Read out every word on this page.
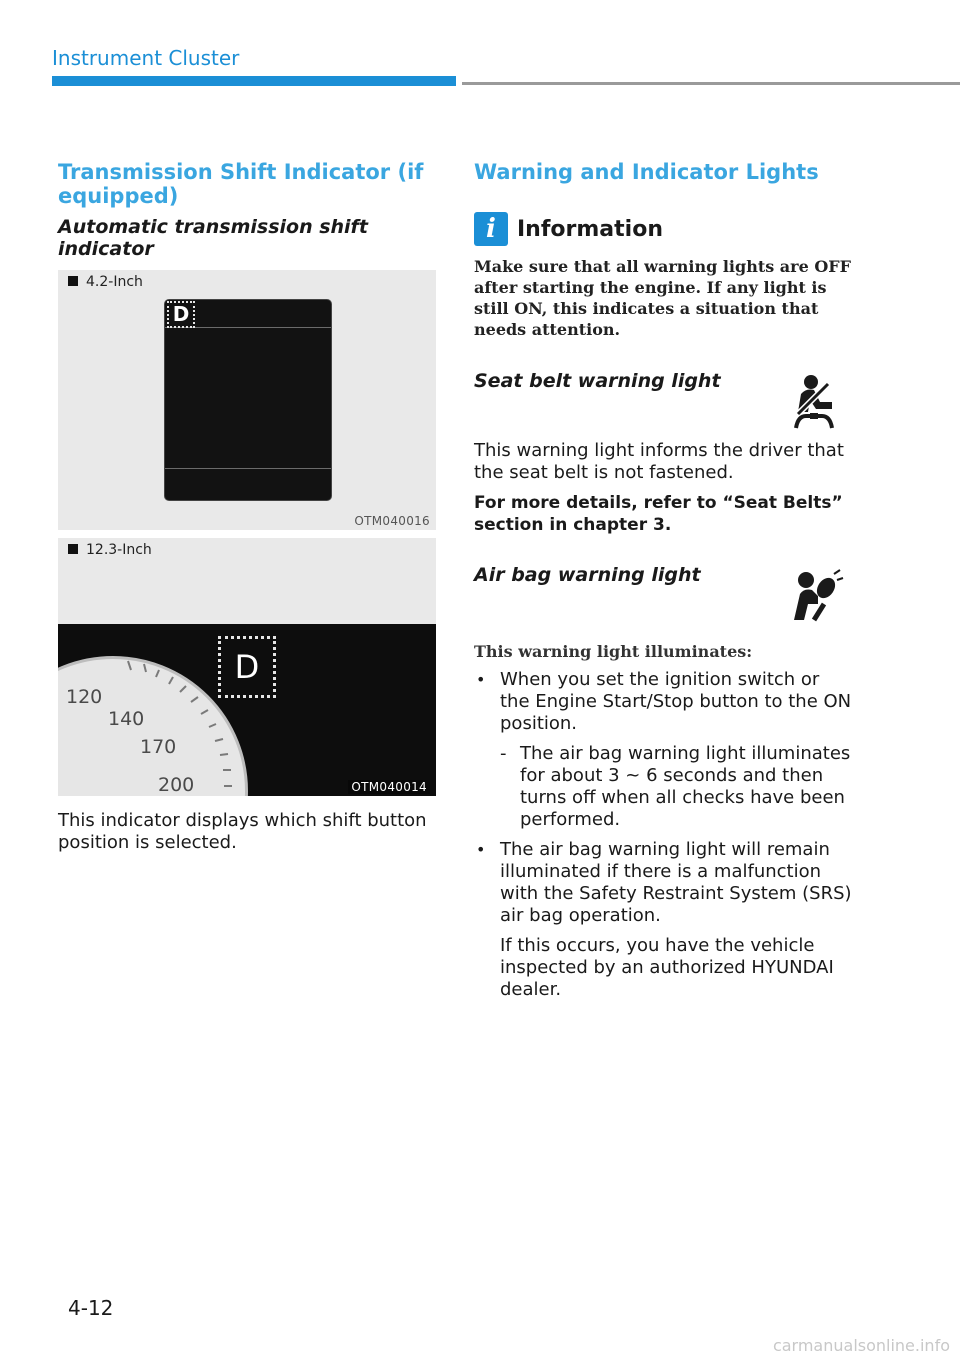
Instrument Cluster
Transmission Shift Indicator (if equipped)
Automatic transmission shift indicator
4.2-Inch
D
OTM040016
12.3-Inch
120
140
170
200
D
OTM040014
This indicator displays which shift button position is selected.
Warning and Indicator Lights
i Information
Make sure that all warning lights are OFF after starting the engine. If any light is still ON, this indicates a situation that needs attention.
Seat belt warning light
This warning light informs the driver that the seat belt is not fastened.
For more details, refer to “Seat Belts” section in chapter 3.
Air bag warning light
This warning light illuminates:
• When you set the ignition switch or the Engine Start/Stop button to the ON position.
- The air bag warning light illuminates for about 3 ~ 6 seconds and then turns off when all checks have been performed.
• The air bag warning light will remain illuminated if there is a malfunction with the Safety Restraint System (SRS) air bag operation.
If this occurs, you have the vehicle inspected by an authorized HYUNDAI dealer.
4-12
carmanualsonline.info
